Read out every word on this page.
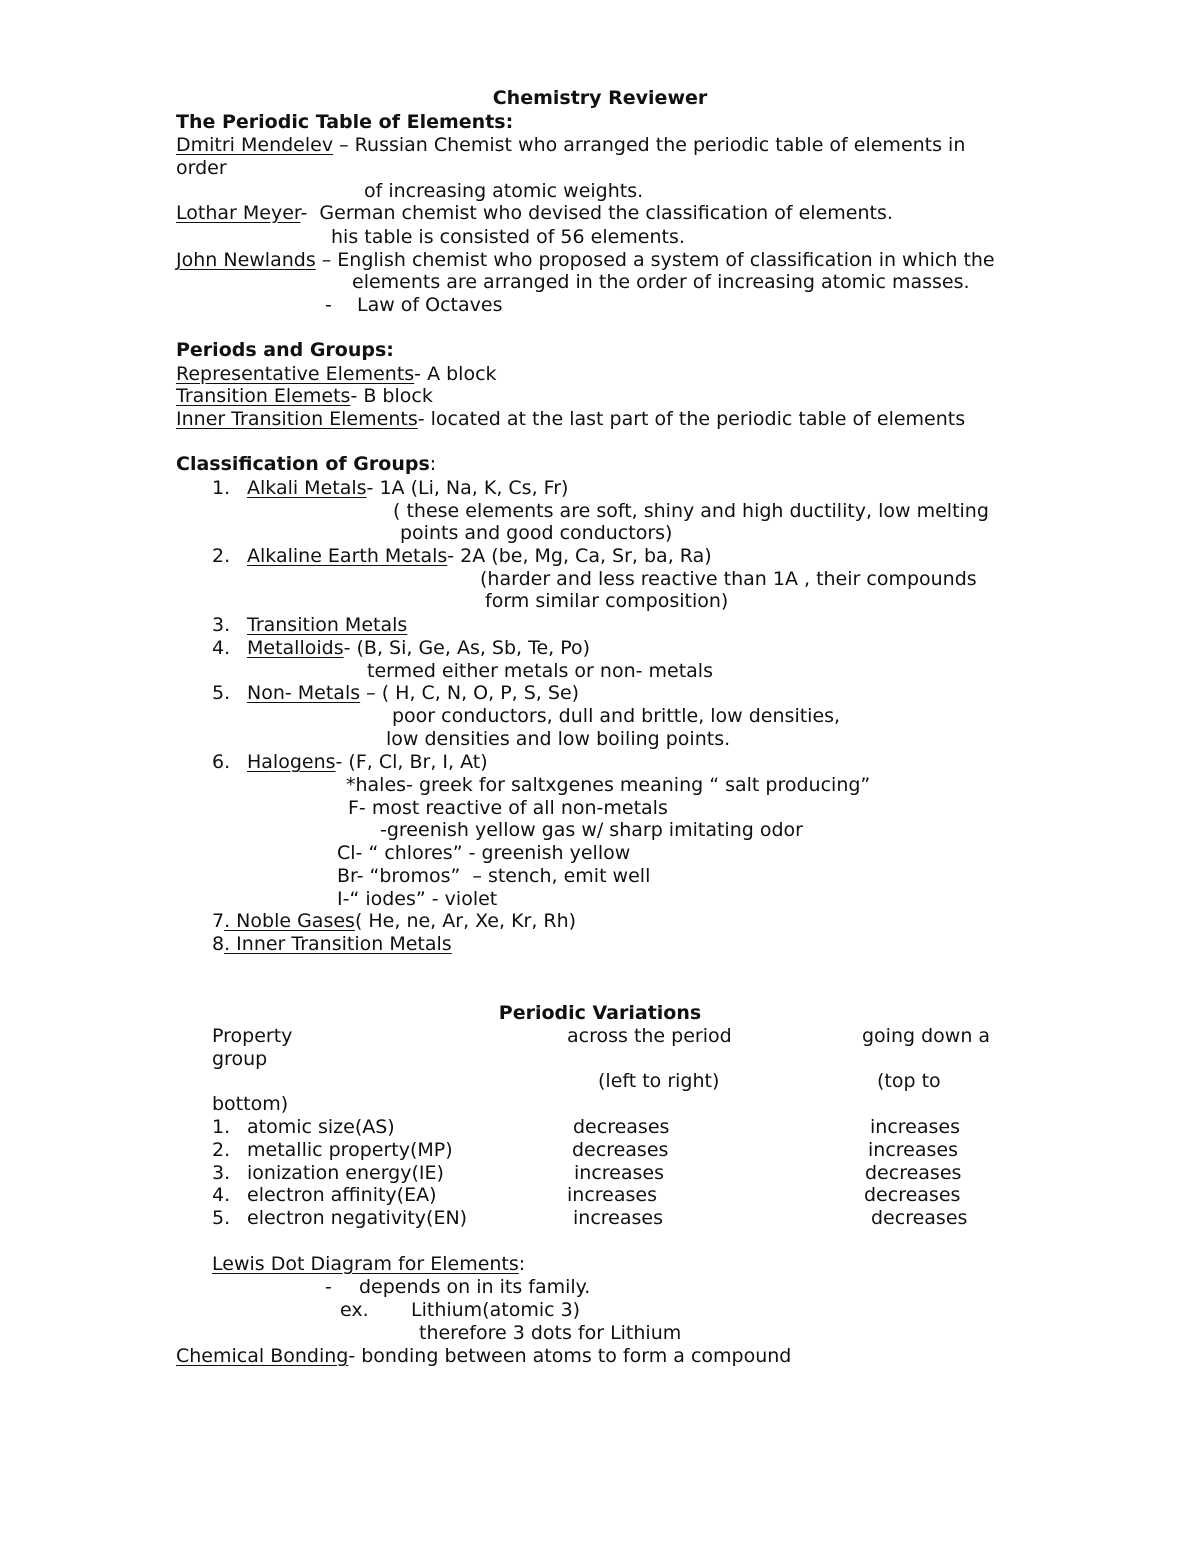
Chemistry Reviewer
The Periodic Table of Elements:
Dmitri Mendelev – Russian Chemist who arranged the periodic table of elements in
order
of increasing atomic weights.
Lothar Meyer-  German chemist who devised the classification of elements.
his table is consisted of 56 elements.
John Newlands – English chemist who proposed a system of classification in which the
elements are arranged in the order of increasing atomic masses.
- Law of Octaves
Periods and Groups:
Representative Elements- A block
Transition Elemets- B block
Inner Transition Elements- located at the last part of the periodic table of elements
Classification of Groups:
1. Alkali Metals- 1A (Li, Na, K, Cs, Fr)
( these elements are soft, shiny and high ductility, low melting
points and good conductors)
2. Alkaline Earth Metals- 2A (be, Mg, Ca, Sr, ba, Ra)
(harder and less reactive than 1A , their compounds
form similar composition)
3. Transition Metals
4. Metalloids- (B, Si, Ge, As, Sb, Te, Po)
termed either metals or non- metals
5. Non- Metals – ( H, C, N, O, P, S, Se)
poor conductors, dull and brittle, low densities,
low densities and low boiling points.
6. Halogens- (F, Cl, Br, I, At)
*hales- greek for saltxgenes meaning “ salt producing”
F- most reactive of all non-metals
-greenish yellow gas w/ sharp imitating odor
Cl- “ chlores” - greenish yellow
Br- “bromos”  – stench, emit well
I-“ iodes” - violet
7. Noble Gases( He, ne, Ar, Xe, Kr, Rh)
8. Inner Transition Metals
Periodic Variations
Property	across the period	going down a
group
(left to right)	(top to
bottom)
1. atomic size(AS)	decreases	increases
2. metallic property(MP)	decreases	increases
3. ionization energy(IE)	increases	decreases
4. electron affinity(EA)	increases	decreases
5. electron negativity(EN)	increases	decreases
Lewis Dot Diagram for Elements:
- depends on in its family.
ex. Lithium(atomic 3)
therefore 3 dots for Lithium
Chemical Bonding- bonding between atoms to form a compound
